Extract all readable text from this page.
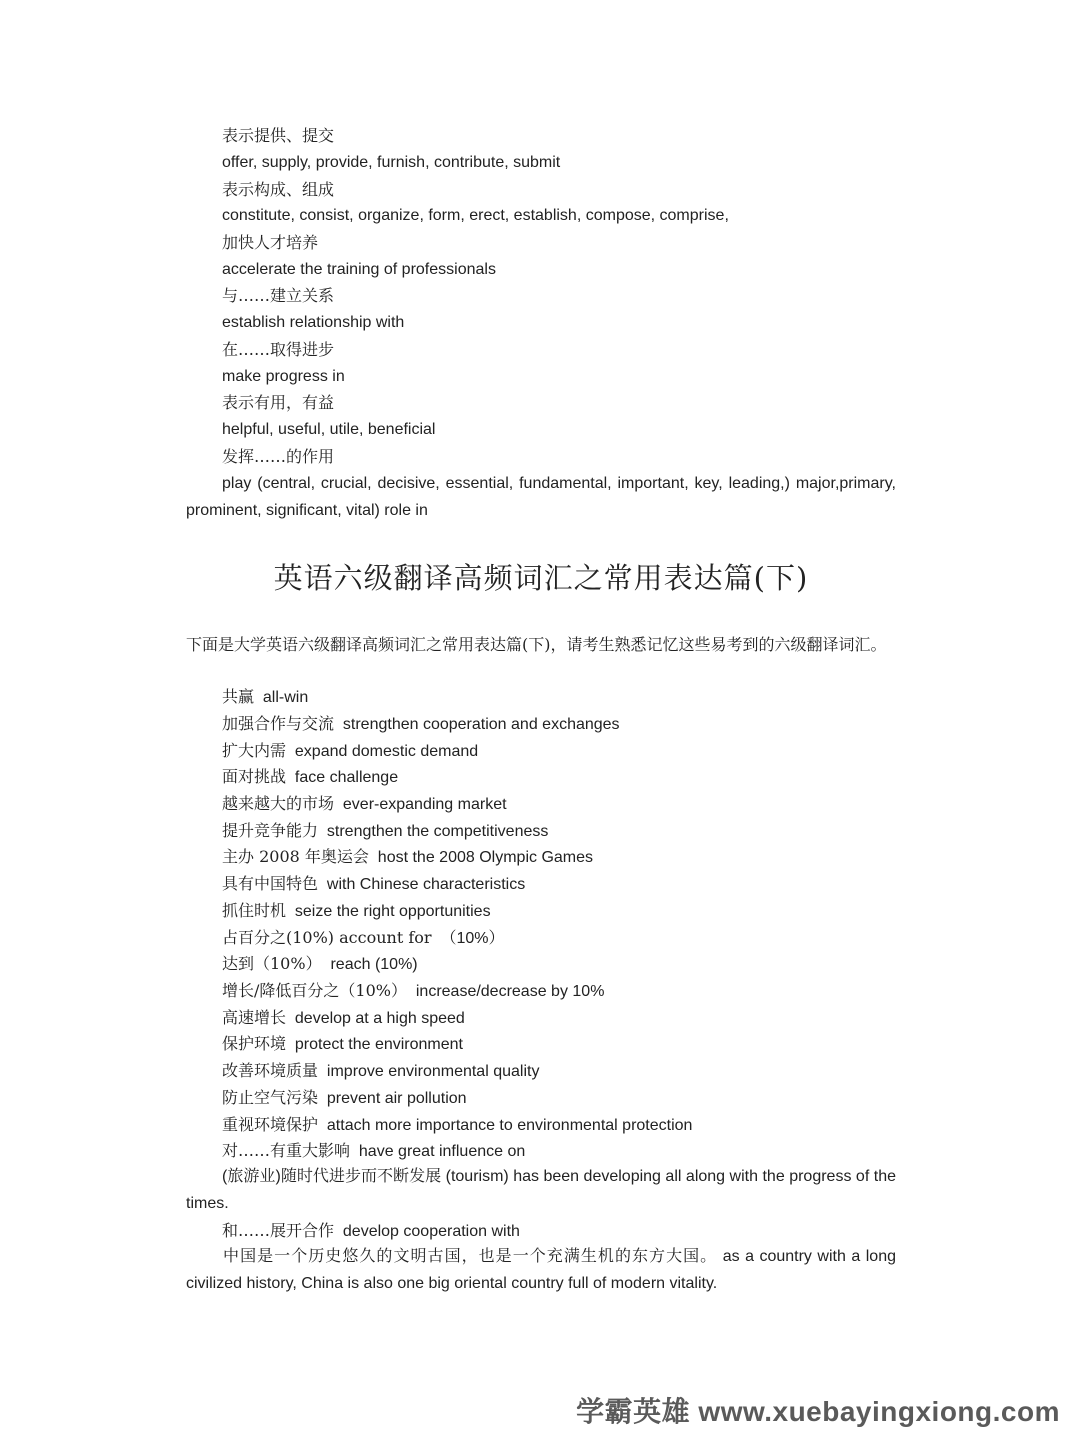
表示提供、提交
offer, supply, provide, furnish, contribute, submit
表示构成、组成
constitute, consist, organize, form, erect, establish, compose, comprise,
加快人才培养
accelerate the training of professionals
与……建立关系
establish relationship with
在……取得进步
make progress in
表示有用，有益
helpful, useful, utile, beneficial
发挥……的作用
play (central, crucial, decisive, essential, fundamental, important, key, leading,) major,primary, prominent, significant, vital) role in
英语六级翻译高频词汇之常用表达篇(下)
下面是大学英语六级翻译高频词汇之常用表达篇(下)，请考生熟悉记忆这些易考到的六级翻译词汇。
共赢 all-win
加强合作与交流 strengthen cooperation and exchanges
扩大内需 expand domestic demand
面对挑战 face challenge
越来越大的市场 ever-expanding market
提升竞争能力 strengthen the competitiveness
主办 2008 年奥运会 host the 2008 Olympic Games
具有中国特色 with Chinese characteristics
抓住时机 seize the right opportunities
占百分之(10%) account for （10%）
达到（10%） reach (10%)
增长/降低百分之（10%） increase/decrease by 10%
高速增长 develop at a high speed
保护环境 protect the environment
改善环境质量 improve environmental quality
防止空气污染 prevent air pollution
重视环境保护 attach more importance to environmental protection
对……有重大影响 have great influence on
(旅游业)随时代进步而不断发展 (tourism) has been developing all along with the progress of the times.
和……展开合作 develop cooperation with
中国是一个历史悠久的文明古国，也是一个充满生机的东方大国。 as a country with a long civilized history, China is also one big oriental country full of modern vitality.
学霸英雄 www.xuebayingxiong.com
